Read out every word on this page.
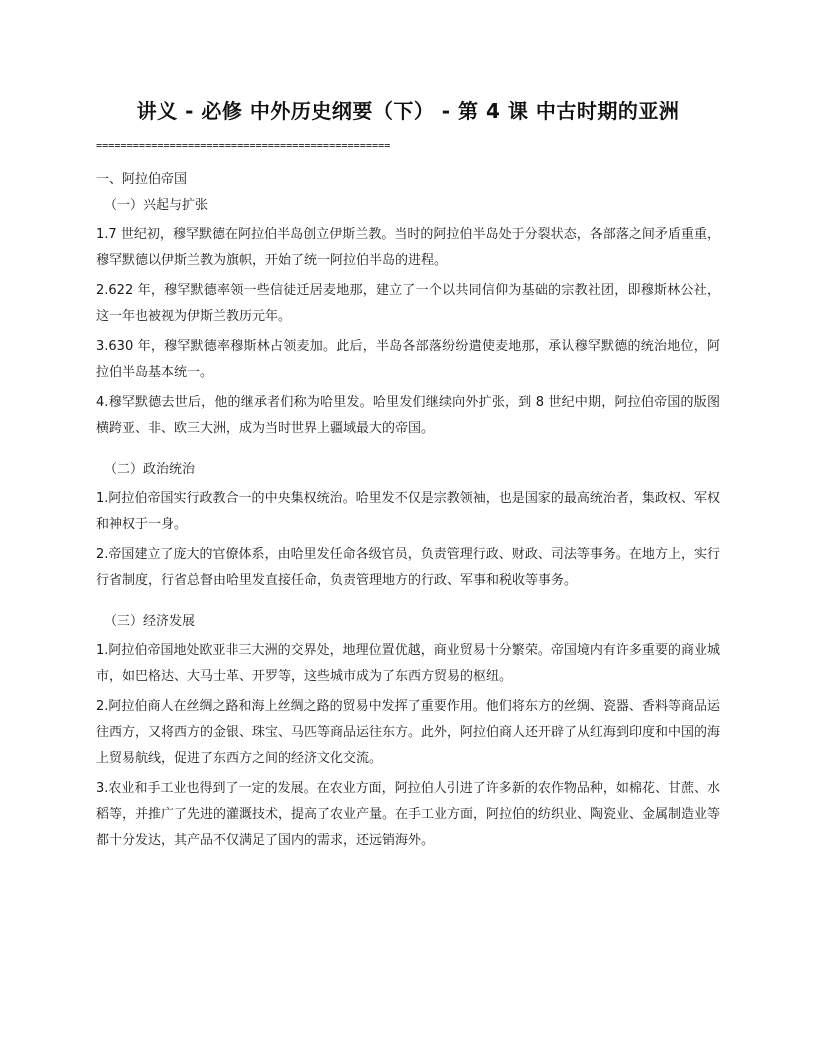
讲义 - 必修 中外历史纲要（下） - 第 4 课 中古时期的亚洲
================================================
一、阿拉伯帝国
（一）兴起与扩张

1.7 世纪初，穆罕默德在阿拉伯半岛创立伊斯兰教。当时的阿拉伯半岛处于分裂状态，各部落之间矛盾重重，穆罕默德以伊斯兰教为旗帜，开始了统一阿拉伯半岛的进程。

2.622 年，穆罕默德率领一些信徒迁居麦地那，建立了一个以共同信仰为基础的宗教社团，即穆斯林公社，这一年也被视为伊斯兰教历元年。

3.630 年，穆罕默德率穆斯林占领麦加。此后，半岛各部落纷纷遣使麦地那，承认穆罕默德的统治地位，阿拉伯半岛基本统一。

4.穆罕默德去世后，他的继承者们称为哈里发。哈里发们继续向外扩张，到 8 世纪中期，阿拉伯帝国的版图横跨亚、非、欧三大洲，成为当时世界上疆域最大的帝国。

（二）政治统治

1.阿拉伯帝国实行政教合一的中央集权统治。哈里发不仅是宗教领袖，也是国家的最高统治者，集政权、军权和神权于一身。

2.帝国建立了庞大的官僚体系，由哈里发任命各级官员，负责管理行政、财政、司法等事务。在地方上，实行行省制度，行省总督由哈里发直接任命，负责管理地方的行政、军事和税收等事务。

（三）经济发展

1.阿拉伯帝国地处欧亚非三大洲的交界处，地理位置优越，商业贸易十分繁荣。帝国境内有许多重要的商业城市，如巴格达、大马士革、开罗等，这些城市成为了东西方贸易的枢纽。

2.阿拉伯商人在丝绸之路和海上丝绸之路的贸易中发挥了重要作用。他们将东方的丝绸、瓷器、香料等商品运往西方，又将西方的金银、珠宝、马匹等商品运往东方。此外，阿拉伯商人还开辟了从红海到印度和中国的海上贸易航线，促进了东西方之间的经济文化交流。

3.农业和手工业也得到了一定的发展。在农业方面，阿拉伯人引进了许多新的农作物品种，如棉花、甘蔗、水稻等，并推广了先进的灌溉技术，提高了农业产量。在手工业方面，阿拉伯的纺织业、陶瓷业、金属制造业等都十分发达，其产品不仅满足了国内的需求，还远销海外。
